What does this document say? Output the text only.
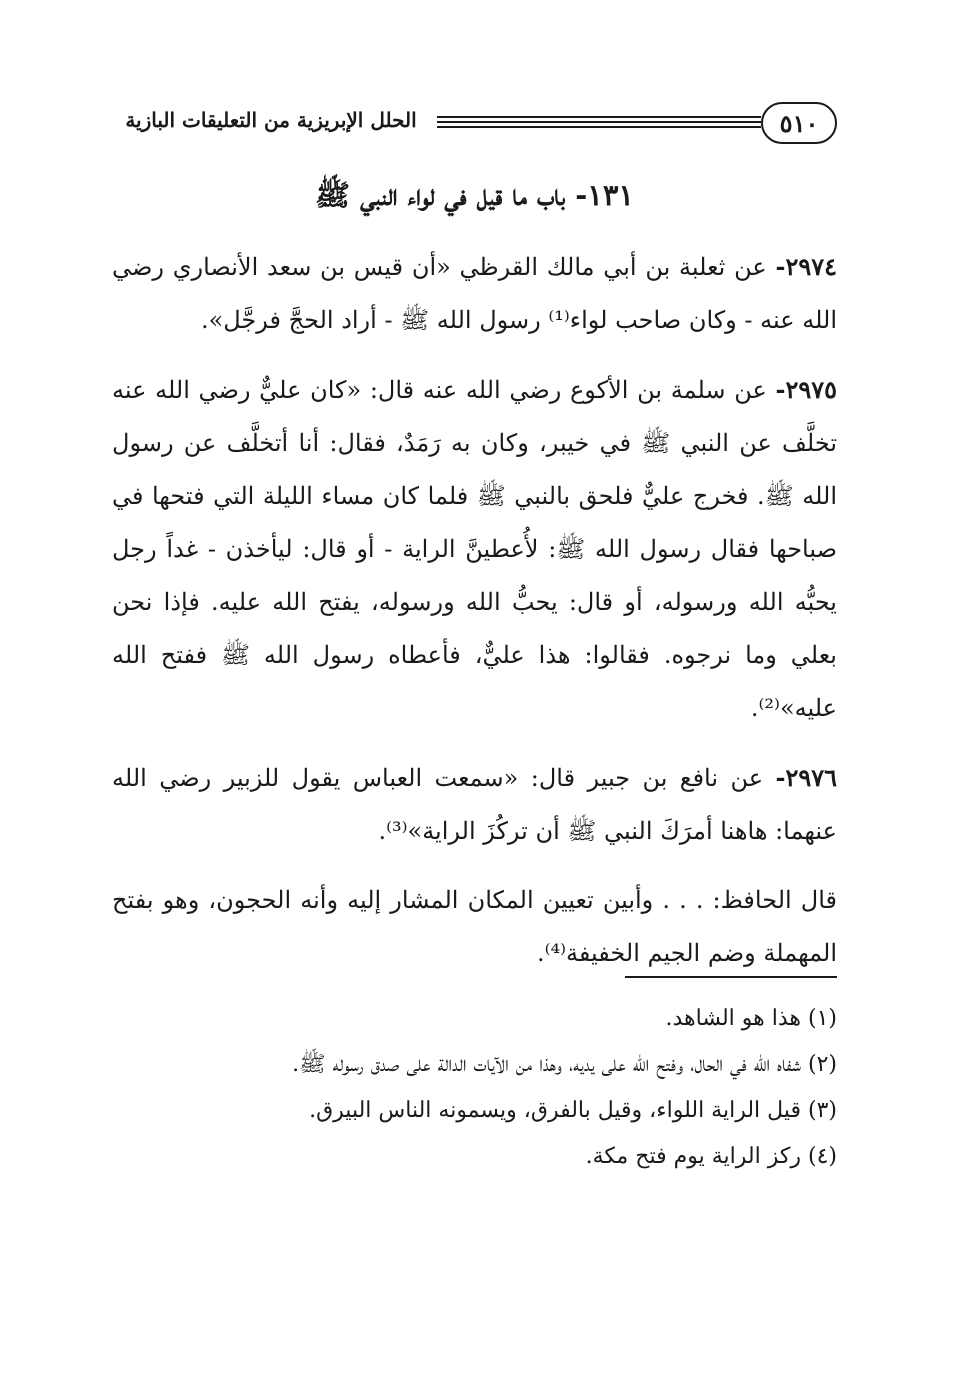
٥١٠
الحلل الإبريزية من التعليقات البازية
١٣١- باب ما قيل في لواء النبي ﷺ

٢٩٧٤- عن ثعلبة بن أبي مالك القرظي «أن قيس بن سعد الأنصاري رضي الله عنه - وكان صاحب لواء⁽¹⁾ رسول الله ﷺ - أراد الحجَّ فرجَّل».

٢٩٧٥- عن سلمة بن الأكوع رضي الله عنه قال: «كان عليٌّ رضي الله عنه تخلَّف عن النبي ﷺ في خيبر، وكان به رَمَدٌ، فقال: أنا أتخلَّف عن رسول الله ﷺ. فخرج عليٌّ فلحق بالنبي ﷺ فلما كان مساء الليلة التي فتحها في صباحها فقال رسول الله ﷺ: لأُعطينَّ الراية - أو قال: ليأخذن - غداً رجل يحبُّه الله ورسوله، أو قال: يحبُّ الله ورسوله، يفتح الله عليه. فإذا نحن بعلي وما نرجوه. فقالوا: هذا عليٌّ، فأعطاه رسول الله ﷺ ففتح الله عليه»⁽²⁾.

٢٩٧٦- عن نافع بن جبير قال: «سمعت العباس يقول للزبير رضي الله عنهما: هاهنا أمرَكَ النبي ﷺ أن تركُزَ الراية»⁽³⁾.

قال الحافظ: . . . وأبين تعيين المكان المشار إليه وأنه الحجون، وهو بفتح المهملة وضم الجيم الخفيفة⁽⁴⁾.

(١) هذا هو الشاهد.
(٢) شفاه الله في الحال، وفتح الله على يديه، وهذا من الآيات الدالة على صدق رسوله ﷺ.
(٣) قيل الراية اللواء، وقيل بالفرق، ويسمونه الناس البيرق.
(٤) ركز الراية يوم فتح مكة.
